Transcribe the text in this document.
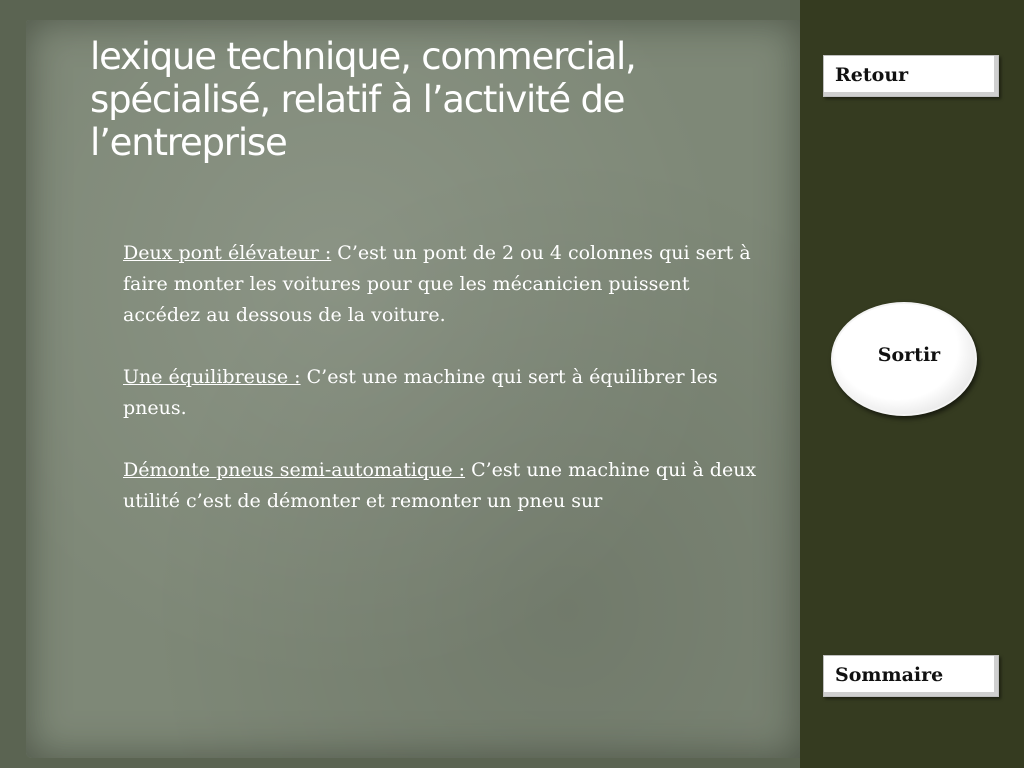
lexique technique, commercial, spécialisé, relatif à l’activité de l’entreprise

Deux pont élévateur : C’est un pont de 2 ou 4 colonnes qui sert à faire monter les voitures pour que les mécanicien puissent accédez au dessous de la voiture.

Une équilibreuse : C’est une machine qui sert à équilibrer les pneus.

Démonte pneus semi-automatique : C’est une machine qui à deux utilité c’est de démonter et remonter un pneu sur

Retour
Sortir
Sommaire
